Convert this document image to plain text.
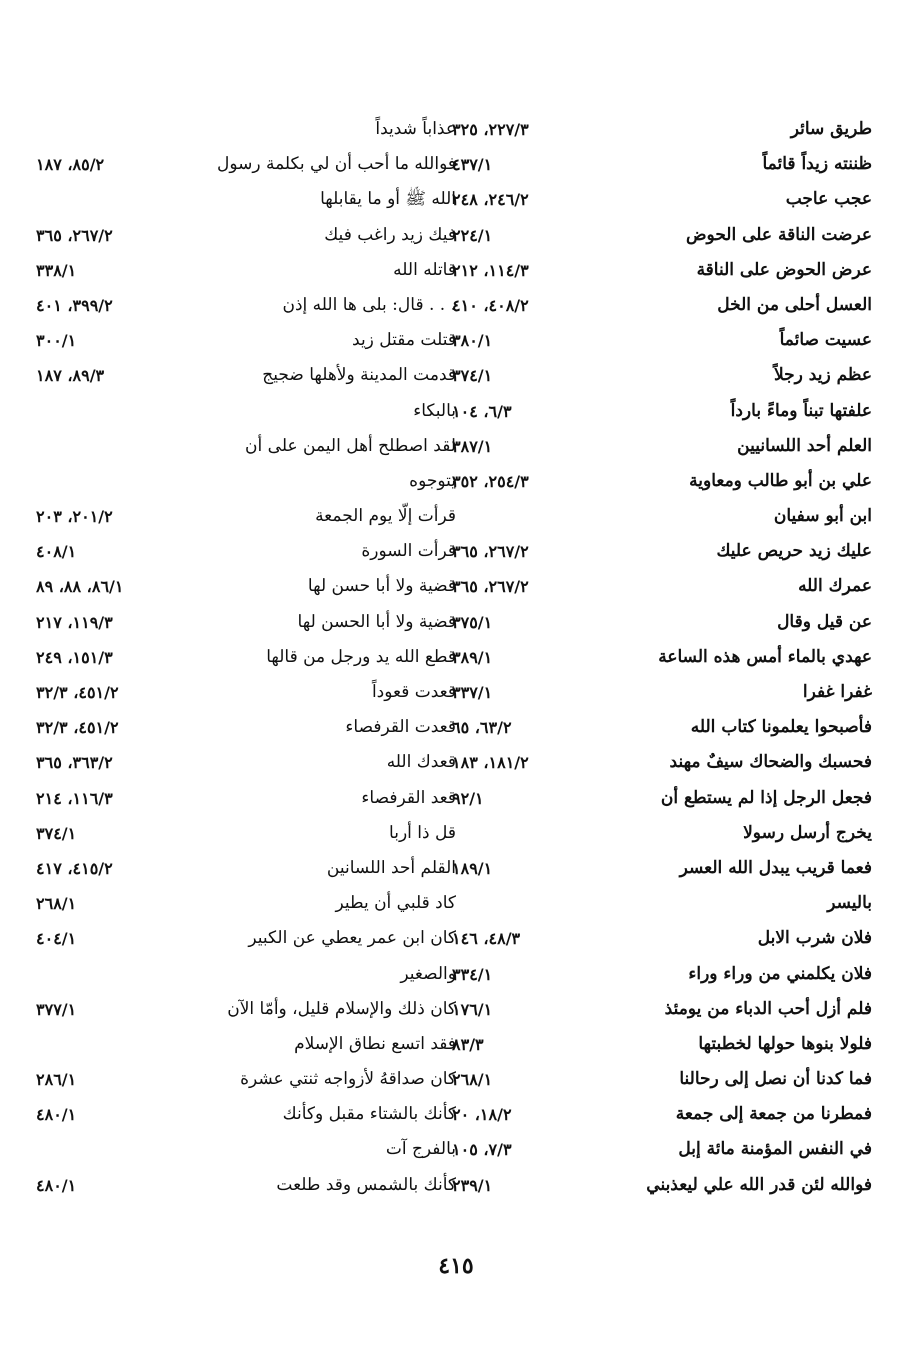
طريق سائر
٢٢٧/٣، ٣٢٥
ظننته زيداً قائماً
٤٣٧/١
عجب عاجب
٢٤٦/٢، ٢٤٨
عرضت الناقة على الحوض
٢٢٤/١
عرض الحوض على الناقة
١١٤/٣، ٢١٢
العسل أحلى من الخل
٤٠٨/٢، ٤١٠
عسيت صائماً
٣٨٠/١
عظم زيد رجلاً
٣٧٤/١
علفتها تبناً وماءً بارداً
٦/٣، ١٠٤
العلم أحد اللسانيين
٣٨٧/١
علي بن أبو طالب ومعاوية
٢٥٤/٣، ٣٥٢
ابن أبو سفيان
عليك زيد حريص عليك
٢٦٧/٢، ٣٦٥
عمرك الله
٢٦٧/٢، ٣٦٥
عن قيل وقال
٣٧٥/١
عهدي بالماء أمس هذه الساعة
٣٨٩/١
غفرا غفرا
٣٣٧/١
فأصبحوا يعلمونا كتاب الله
٦٣/٢، ٦٥
فحسبك والضحاك سيفٌ مهند
١٨١/٢، ١٨٣
فجعل الرجل إذا لم يستطع أن
٩٢/١
يخرج أرسل رسولا
فعما قريب يبدل الله العسر
١٨٩/١
باليسر
فلان شرب الابل
٤٨/٣، ١٤٦
فلان يكلمني من وراء وراء
٣٣٤/١
فلم أزل أحب الدباء من يومئذ
١٧٦/١
فلولا بنوها حولها لخطبتها
٨٣/٣
فما كدنا أن نصل إلى رحالنا
٢٦٨/١
فمطرنا من جمعة إلى جمعة
١٨/٢، ٢٠
في النفس المؤمنة مائة إبل
٧/٣، ١٠٥
فوالله لئن قدر الله علي ليعذبني
٢٣٩/١
عذاباً شديداً
فوالله ما أحب أن لي بكلمة رسول
٨٥/٢، ١٨٧
الله ﷺ أو ما يقابلها
فيك زيد راغب فيك
٢٦٧/٢، ٣٦٥
قاتله الله
٣٣٨/١
. . . قال: بلى ها الله إذن
٣٩٩/٢، ٤٠١
قتلت مقتل زيد
٣٠٠/١
قدمت المدينة ولأهلها ضجيج
٨٩/٣، ١٨٧
بالبكاء
لقد اصطلح أهل اليمن على أن
يتوجوه
قرأت إلّا يوم الجمعة
٢٠١/٢، ٢٠٣
قرأت السورة
٤٠٨/١
قضية ولا أبا حسن لها
٨٦/١، ٨٨، ٨٩
قضية ولا أبا الحسن لها
١١٩/٣، ٢١٧
قطع الله يد ورجل من قالها
١٥١/٣، ٢٤٩
قعدت قعوداً
٤٥١/٢، ٣٢/٣
قعدت القرفصاء
٤٥١/٢، ٣٢/٣
قعدك الله
٣٦٣/٢، ٣٦٥
قعد القرفصاء
١١٦/٣، ٢١٤
قل ذا أربا
٣٧٤/١
القلم أحد اللسانين
٤١٥/٢، ٤١٧
كاد قلبي أن يطير
٢٦٨/١
كان ابن عمر يعطي عن الكبير
٤٠٤/١
والصغير
كان ذلك والإسلام قليل، وأمّا الآن
٣٧٧/١
فقد اتسع نطاق الإسلام
كان صداقهُ لأزواجه ثنتي عشرة
٢٨٦/١
كأنك بالشتاء مقبل وكأنك
٤٨٠/١
بالفرج آت
كأنك بالشمس وقد طلعت
٤٨٠/١
٤١٥
